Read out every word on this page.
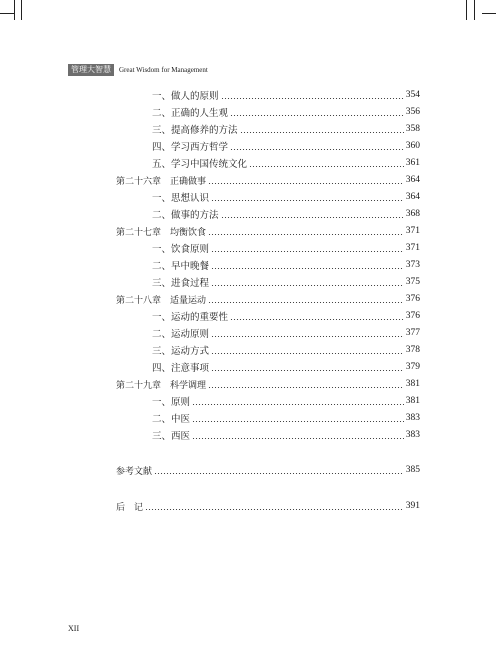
管理大智慧	Great Wisdom for Management
一、做人的原则	354
二、正确的人生观	356
三、提高修养的方法	358
四、学习西方哲学	360
五、学习中国传统文化	361
第二十六章　正确做事	364
一、思想认识	364
二、做事的方法	368
第二十七章　均衡饮食	371
一、饮食原则	371
二、早中晚餐	373
三、进食过程	375
第二十八章　适量运动	376
一、运动的重要性	376
二、运动原则	377
三、运动方式	378
四、注意事项	379
第二十九章　科学调理	381
一、原则	381
二、中医	383
三、西医	383
参考文献	385
后　记	391
XII
